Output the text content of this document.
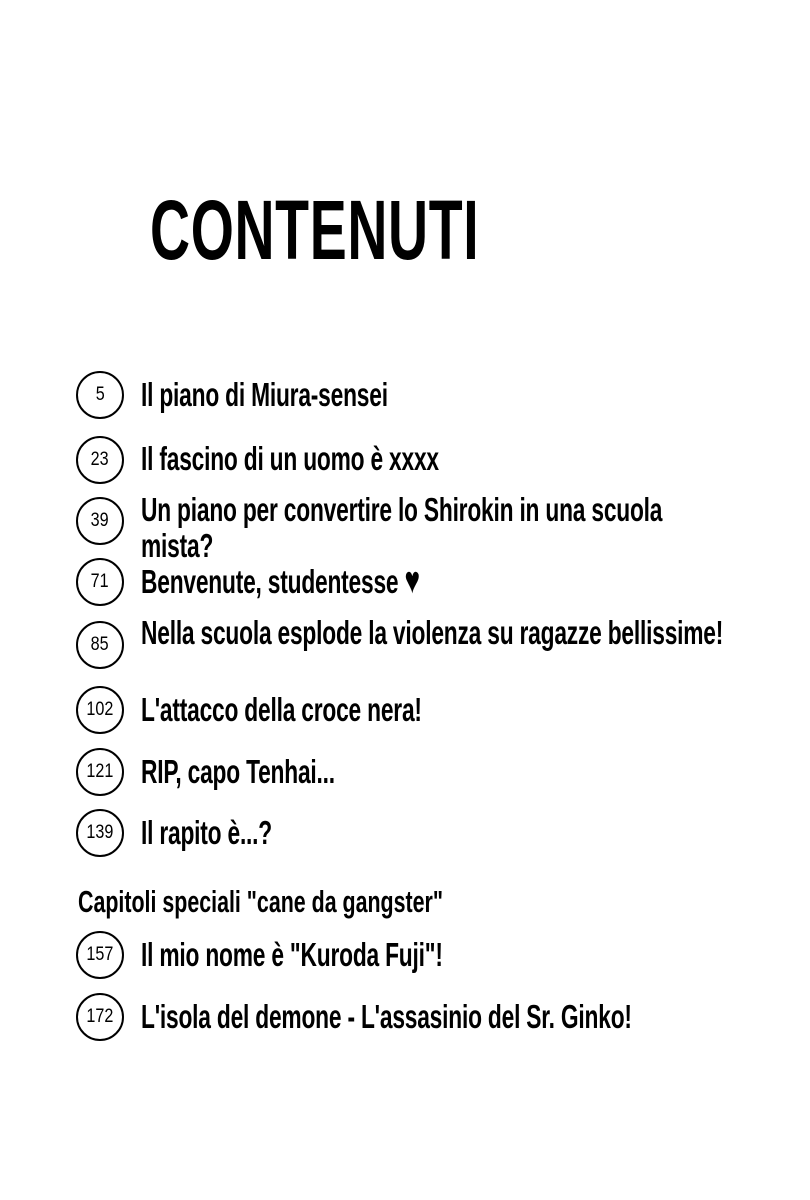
CONTENUTI
5 Il piano di Miura-sensei
23 Il fascino di un uomo è xxxx
39 Un piano per convertire lo Shirokin in una scuola mista?
71 Benvenute, studentesse ♥
85 Nella scuola esplode la violenza su ragazze bellissime!
102 L'attacco della croce nera!
121 RIP, capo Tenhai...
139 Il rapito è...?
Capitoli speciali "cane da gangster"
157 Il mio nome è "Kuroda Fuji"!
172 L'isola del demone - L'assasinio del Sr. Ginko!
